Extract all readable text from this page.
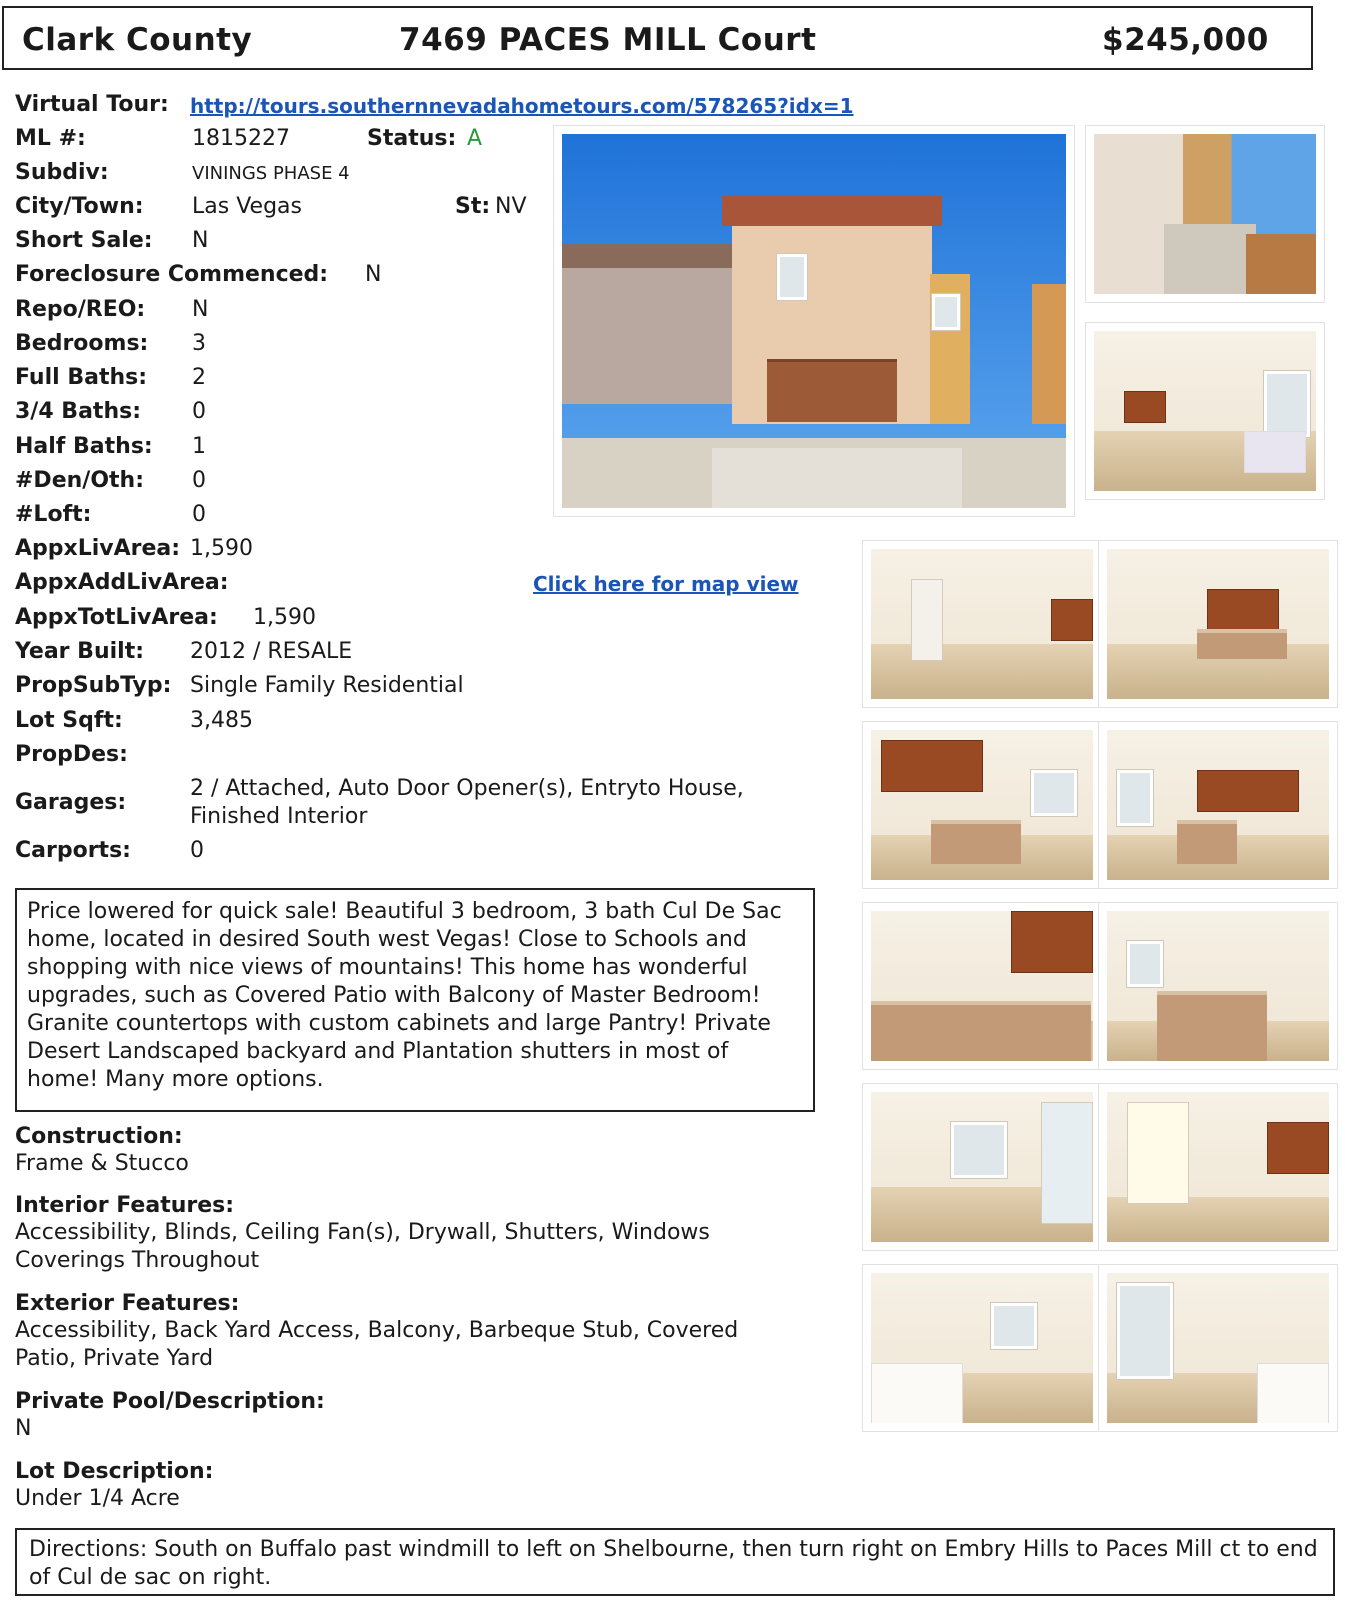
Clark County	7469 PACES MILL Court	$245,000
Virtual Tour: http://tours.southernnevadahometours.com/578265?idx=1
ML #:	1815227	Status: A
Subdiv:	VININGS PHASE 4
City/Town: Las Vegas	St: NV
Short Sale: N
Foreclosure Commenced: N
Repo/REO: N
Bedrooms: 3
Full Baths: 2
3/4 Baths: 0
Half Baths: 1
#Den/Oth: 0
#Loft:	0
AppxLivArea: 1,590
AppxAddLivArea:	Click here for map view
AppxTotLivArea: 1,590
Year Built: 2012 / RESALE
PropSubTyp: Single Family Residential
Lot Sqft:	3,485
PropDes:
Garages:
2 / Attached, Auto Door Opener(s), Entryto House,
Finished Interior
Carports:	0
Price lowered for quick sale! Beautiful 3 bedroom, 3 bath Cul De Sac home, located in desired South west Vegas! Close to Schools and shopping with nice views of mountains! This home has wonderful upgrades, such as Covered Patio with Balcony of Master Bedroom! Granite countertops with custom cabinets and large Pantry! Private Desert Landscaped backyard and Plantation shutters in most of home! Many more options.
Construction:
Frame & Stucco
Interior Features:
Accessibility, Blinds, Ceiling Fan(s), Drywall, Shutters, Windows Coverings Throughout
Exterior Features:
Accessibility, Back Yard Access, Balcony, Barbeque Stub, Covered Patio, Private Yard
Private Pool/Description:
N
Lot Description:
Under 1/4 Acre
Directions: South on Buffalo past windmill to left on Shelbourne, then turn right on Embry Hills to Paces Mill ct to end of Cul de sac on right.
